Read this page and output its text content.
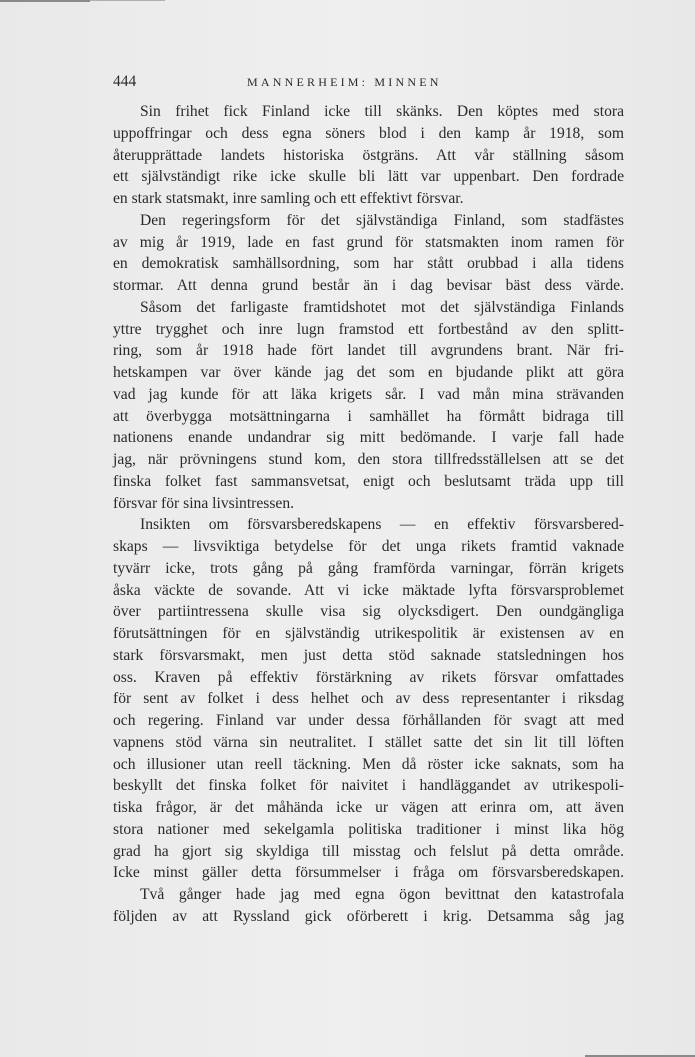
444	MANNERHEIM: MINNEN
Sin frihet fick Finland icke till skänks. Den köptes med stora
uppoffringar och dess egna söners blod i den kamp år 1918, som
återupprättade landets historiska östgräns. Att vår ställning såsom
ett självständigt rike icke skulle bli lätt var uppenbart. Den fordrade
en stark statsmakt, inre samling och ett effektivt försvar.
Den regeringsform för det självständiga Finland, som stadfästes
av mig år 1919, lade en fast grund för statsmakten inom ramen för
en demokratisk samhällsordning, som har stått orubbad i alla tidens
stormar. Att denna grund består än i dag bevisar bäst dess värde.
Såsom det farligaste framtidshotet mot det självständiga Finlands
yttre trygghet och inre lugn framstod ett fortbestånd av den splitt-
ring, som år 1918 hade fört landet till avgrundens brant. När fri-
hetskampen var över kände jag det som en bjudande plikt att göra
vad jag kunde för att läka krigets sår. I vad mån mina strävanden
att överbygga motsättningarna i samhället ha förmått bidraga till
nationens enande undandrar sig mitt bedömande. I varje fall hade
jag, när prövningens stund kom, den stora tillfredsställelsen att se det
finska folket fast sammansvetsat, enigt och beslutsamt träda upp till
försvar för sina livsintressen.
Insikten om försvarsberedskapens — en effektiv försvarsbered-
skaps — livsviktiga betydelse för det unga rikets framtid vaknade
tyvärr icke, trots gång på gång framförda varningar, förrän krigets
åska väckte de sovande. Att vi icke mäktade lyfta försvarsproblemet
över partiintressena skulle visa sig olycksdigert. Den oundgängliga
förutsättningen för en självständig utrikespolitik är existensen av en
stark försvarsmakt, men just detta stöd saknade statsledningen hos
oss. Kraven på effektiv förstärkning av rikets försvar omfattades
för sent av folket i dess helhet och av dess representanter i riksdag
och regering. Finland var under dessa förhållanden för svagt att med
vapnens stöd värna sin neutralitet. I stället satte det sin lit till löften
och illusioner utan reell täckning. Men då röster icke saknats, som ha
beskyllt det finska folket för naivitet i handläggandet av utrikespoli-
tiska frågor, är det måhända icke ur vägen att erinra om, att även
stora nationer med sekelgamla politiska traditioner i minst lika hög
grad ha gjort sig skyldiga till misstag och felslut på detta område.
Icke minst gäller detta försummelser i fråga om försvarsberedskapen.
Två gånger hade jag med egna ögon bevittnat den katastrofala
följden av att Ryssland gick oförberett i krig. Detsamma såg jag
